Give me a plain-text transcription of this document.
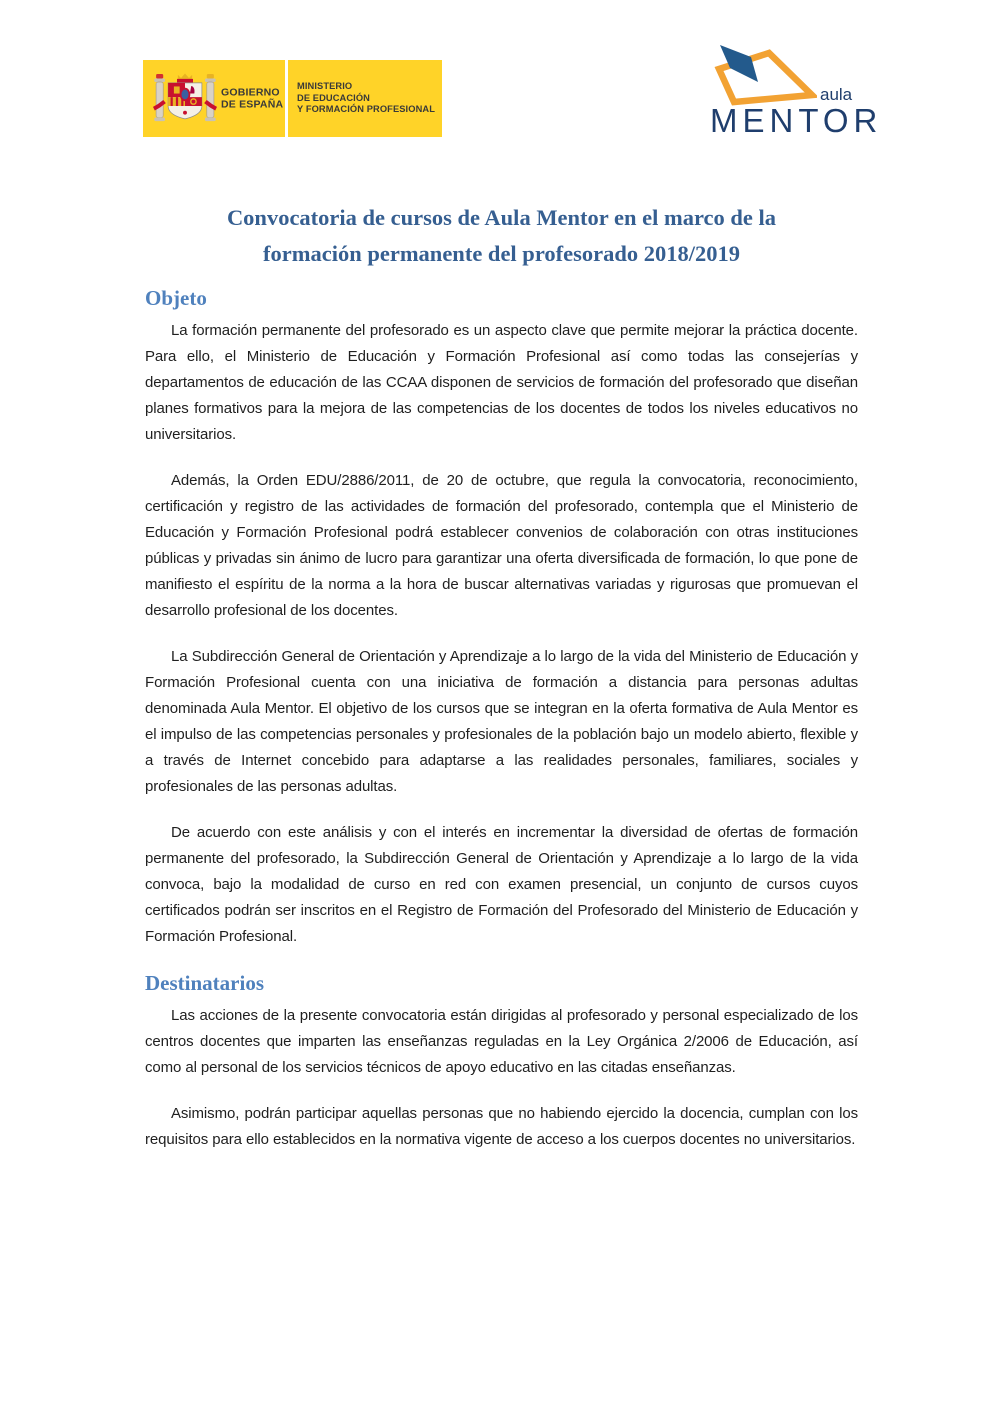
GOBIERNO
DE ESPAÑA
MINISTERIO
DE EDUCACIÓN
Y FORMACIÓN PROFESIONAL
aula
MENTOR
Convocatoria de cursos de Aula Mentor en el marco de la
formación permanente del profesorado 2018/2019
Objeto

La formación permanente del profesorado es un aspecto clave que permite mejorar la práctica docente. Para ello, el Ministerio de Educación y Formación Profesional así como todas las consejerías y departamentos de educación de las CCAA disponen de servicios de formación del profesorado que diseñan planes formativos para la mejora de las competencias de los docentes de todos los niveles educativos no universitarios.

Además, la Orden EDU/2886/2011, de 20 de octubre, que regula la convocatoria, reconocimiento, certificación y registro de las actividades de formación del profesorado, contempla que el Ministerio de Educación y Formación Profesional podrá establecer convenios de colaboración con otras instituciones públicas y privadas sin ánimo de lucro para garantizar una oferta diversificada de formación, lo que pone de manifiesto el espíritu de la norma a la hora de buscar alternativas variadas y rigurosas que promuevan el desarrollo profesional de los docentes.

La Subdirección General de Orientación y Aprendizaje a lo largo de la vida del Ministerio de Educación y Formación Profesional cuenta con una iniciativa de formación a distancia para personas adultas denominada Aula Mentor. El objetivo de los cursos que se integran en la oferta formativa de Aula Mentor es el impulso de las competencias personales y profesionales de la población bajo un modelo abierto, flexible y a través de Internet concebido para adaptarse a las realidades personales, familiares, sociales y profesionales de las personas adultas.

De acuerdo con este análisis y con el interés en incrementar la diversidad de ofertas de formación permanente del profesorado, la Subdirección General de Orientación y Aprendizaje a lo largo de la vida convoca, bajo la modalidad de curso en red con examen presencial, un conjunto de cursos cuyos certificados podrán ser inscritos en el Registro de Formación del Profesorado del Ministerio de Educación y Formación Profesional.

Destinatarios

Las acciones de la presente convocatoria están dirigidas al profesorado y personal especializado de los centros docentes que imparten las enseñanzas reguladas en la Ley Orgánica 2/2006 de Educación, así como al personal de los servicios técnicos de apoyo educativo en las citadas enseñanzas.

Asimismo, podrán participar aquellas personas que no habiendo ejercido la docencia, cumplan con los requisitos para ello establecidos en la normativa vigente de acceso a los cuerpos docentes no universitarios.
